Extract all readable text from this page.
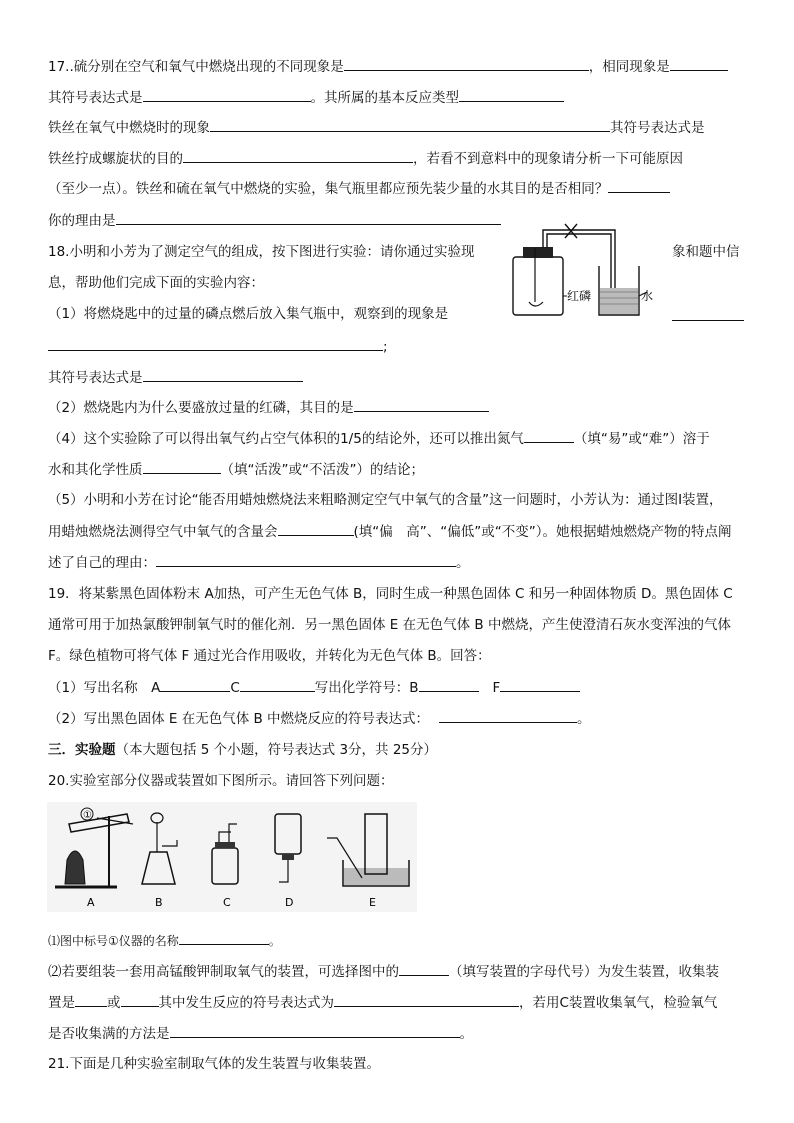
17..硫分别在空气和氧气中燃烧出现的不同现象是	，相同现象是
其符号表达式是	。其所属的基本反应类型
铁丝在氧气中燃烧时的现象	其符号表达式是
铁丝拧成螺旋状的目的	，若看不到意料中的现象请分析一下可能原因
（至少一点）。铁丝和硫在氧气中燃烧的实验，集气瓶里都应预先装少量的水其目的是否相同？
你的理由是
18.小明和小芳为了测定空气的组成，按下图进行实验：请你通过实验现	象和题中信
息，帮助他们完成下面的实验内容：
（1）将燃烧匙中的过量的磷点燃后放入集气瓶中，观察到的现象是
红磷	水
;
其符号表达式是
（2）燃烧匙内为什么要盛放过量的红磷，其目的是
（4）这个实验除了可以得出氧气约占空气体积的1/5的结论外，还可以推出氮气	（填“易”或“难”）溶于
水和其化学性质	（填“活泼”或“不活泼”）的结论；
（5）小明和小芳在讨论“能否用蜡烛燃烧法来粗略测定空气中氧气的含量”这一问题时，小芳认为：通过图Ⅰ装置，
用蜡烛燃烧法测得空气中氧气的含量会	(填“偏　高”、“偏低”或“不变”）。她根据蜡烛燃烧产物的特点阐
述了自己的理由：	。
19．将某紫黑色固体粉末 A加热，可产生无色气体 B，同时生成一种黑色固体 C 和另一种固体物质 D。黑色固体 C
通常可用于加热氯酸钾制氧气时的催化剂．另一黑色固体 E 在无色气体 B 中燃烧，产生使澄清石灰水变浑浊的气体
F。绿色植物可将气体 F 通过光合作用吸收，并转化为无色气体 B。回答：
（1）写出名称　A	C	写出化学符号：B	F
（2）写出黑色固体 E 在无色气体 B 中燃烧反应的符号表达式：	。
三．实验题（本大题包括 5 个小题，符号表达式 3分，共 25分）
20.实验室部分仪器或装置如下图所示。请回答下列问题：
①
A	B	C	D	E
⑴图中标号①仪器的名称	。
⑵若要组装一套用高锰酸钾制取氧气的装置，可选择图中的	（填写装置的字母代号）为发生装置，收集装
置是 或	其中发生反应的符号表达式为	，若用C装置收集氧气，检验氧气
是否收集满的方法是	。
21.下面是几种实验室制取气体的发生装置与收集装置。
